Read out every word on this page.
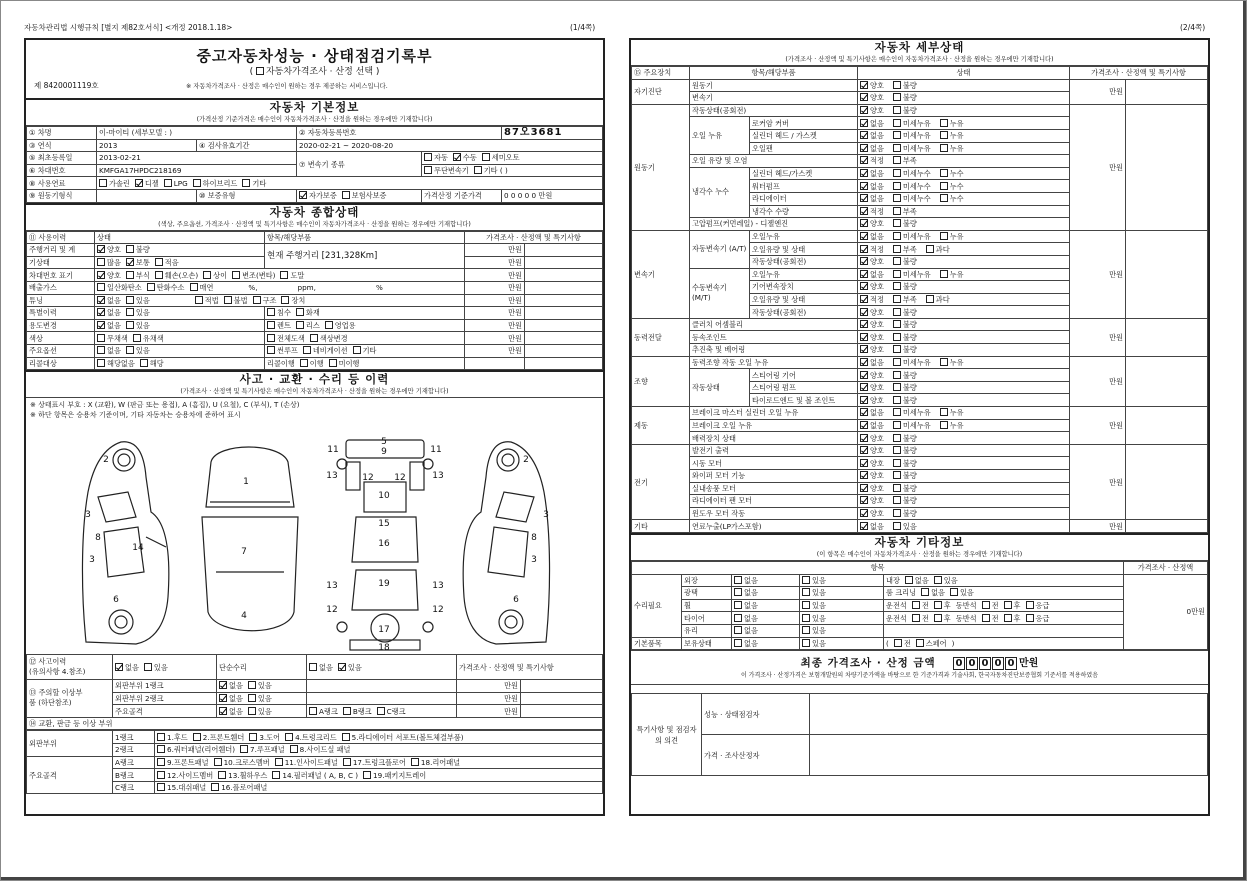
자동차관리법 시행규칙 [별지 제82호서식] <개정 2018.1.18>	(1/4쪽)	(2/4쪽)
중고자동차성능 · 상태점검기록부
( 자동차가격조사 · 산정 선택 )
제 8420001119호	※ 자동차가격조사 · 산정은 매수인이 원하는 경우 제공하는 서비스입니다.
자동차 기본정보
(가격산정 기준가격은 매수인이 자동차가격조사 · 산정을 원하는 경우에만 기재합니다)
① 차명	이-마이티 (세부모델 : )		② 자동차등록번호		87오3681
③ 연식	2013	④ 검사유효기간	2020-02-21 ~ 2020-08-20		
⑤ 최초등록일	2013-02-21		⑦ 변속기 종류	자동 수동 세미오토	
⑥ 차대번호	KMFGA17HPDC218169			무단변속기 기타 ( )	
⑧ 사용연료	가솔린 디젤 LPG 하이브리드 기타				
⑨ 원동기형식		⑩ 보증유형	자가보증 보험사보증	가격산정 기준가격	0 0 0 0 0 만원
자동차 종합상태
(색상, 주요옵션, 가격조사 · 산정액 및 특기사항은 매수인이 자동차가격조사 · 산정을 원하는 경우에만 기재합니다)
⑪ 사용이력	상태	항목/해당부품	가격조사 · 산정액 및 특기사항	
주행거리 및 계	양호 불량	현재 주행거리 [231,328Km]	만원	
기상태	많음 보통 적음		만원	
차대번호 표기	양호 부식 훼손(오손) 상이 변조(변타) 도말		만원	
배출가스	일산화탄소 탄화수소 매연 %, ppm, %		만원	
튜닝	없음 있음 적법 불법 구조 장치		만원	
특별이력	없음 있음	침수 화재	만원	
용도변경	없음 있음	렌트 리스 영업용	만원	
색상	무채색 유채색	전체도색 색상변경	만원	
주요옵션	없음 있음	썬루프 네비게이션 기타	만원	
리콜대상	해당없음 해당	리콜이행 이행 미이행		
사고 · 교환 · 수리 등 이력
(가격조사 · 산정액 및 특기사항은 매수인이 자동차가격조사 · 산정을 원하는 경우에만 기재합니다)
※ 상태표시 부호 : X (교환), W (판금 또는 용접), A (흠집), U (요철), C (부식), T (손상)
※ 하단 항목은 승용차 기준이며, 기타 자동차는 승용차에 준하여 표시
2
3
8
14
3
6
1
7
4
11	11
5
9
13	13
12 12
10
15
16
19
13	13
12	12
17
18
2
3
8
3
6
⑫ 사고이력
(유의사항 4.참조)	없음 있음	단순수리	없음 있음	가격조사 · 산정액 및 특기사항	
⑬ 주의할 이상부
품 (하단참조)	외판부위 1랭크	없음 있음		만원	
	외판부위 2랭크	없음 있음		만원	
	주요골격	없음 있음	A랭크 B랭크 C랭크	만원	
⑭ 교환, 판금 등 이상 부위					
외판부위	1랭크	1.후드 2.프론트휀더 3.도어 4.트렁크리드 5.라디에이터 서포트(볼트체결부품)
	2랭크	6.쿼터패널(리어휀더) 7.루프패널 8.사이드실 패널
주요골격	A랭크	9.프론트패널 10.크로스멤버 11.인사이드패널 17.트렁크플로어 18.리어패널
	B랭크	12.사이드멤버 13.휠하우스 14.필러패널 ( A, B, C ) 19.패키지트레이
	C랭크	15.대쉬패널 16.플로어패널
자동차 세부상태
(가격조사 · 산정액 및 특기사항은 매수인이 자동차가격조사 · 산정을 원하는 경우에만 기재합니다)
⑮ 주요장치	항목/해당부품		상태	가격조사 · 산정액 및 특기사항	
자기진단	원동기		양호 불량	만원	
	변속기		양호 불량		
원동기	작동상태(공회전)		양호 불량	만원	
	오일 누유	로커암 커버	없음 미세누유 누유		
		실린더 헤드 / 가스켓	없음 미세누유 누유		
		오일팬	없음 미세누유 누유		
	오일 유량 및 오염		적정 부족		
	냉각수 누수	실린더 헤드/가스켓	없음 미세누수 누수		
		워터펌프	없음 미세누수 누수		
		라디에이터	없음 미세누수 누수		
		냉각수 수량	적정 부족		
	고압펌프(커먼레일) - 디젤엔진		양호 불량		
변속기	자동변속기 (A/T)	오일누유	없음 미세누유 누유	만원	
		오일유량 및 상태	적정 부족 과다		
		작동상태(공회전)	양호 불량		
	수동변속기 (M/T)	오일누유	없음 미세누유 누유		
		기어변속장치	양호 불량		
		오일유량 및 상태	적정 부족 과다		
		작동상태(공회전)	양호 불량		
동력전달	클러치 어셈블리		양호 불량	만원	
	등속조인트		양호 불량		
	추진축 및 베어링		양호 불량		
조향	동력조향 작동 오일 누유		없음 미세누유 누유	만원	
	작동상태	스티어링 기어	양호 불량		
		스티어링 펌프	양호 불량		
		타이로드엔드 및 볼 조인트	양호 불량		
제동	브레이크 마스터 실린더 오일 누유		없음 미세누유 누유	만원	
	브레이크 오일 누유		없음 미세누유 누유		
	배력장치 상태		양호 불량		
전기	발전기 출력		양호 불량	만원	
	시동 모터		양호 불량		
	와이퍼 모터 기능		양호 불량		
	실내송풍 모터		양호 불량		
	라디에이터 팬 모터		양호 불량		
	윈도우 모터 작동		양호 불량		
기타	연료누출(LP가스포함)		없음 있음	만원	
자동차 기타정보
(이 항목은 매수인이 자동차가격조사 · 산정을 원하는 경우에만 기재합니다)
항목					가격조사 · 산정액
수리필요	외장	없음	있음	내장 없음 있음	0만원
	광택	없음	있음	룸 크리닝 없음 있음	
	휠	없음	있음	운전석 전 후 동반석 전 후 응급	
	타이어	없음	있음	운전석 전 후 동반석 전 후 응급	
	유리	없음	있음		
기본품목	보유상태	없음	있음	( 전 스페어 )	
최종 가격조사 · 산정 금액 0 0 0 0 0 만원
이 가격조사 · 산정가격은 보험개발원의 차량기준가액을 바탕으로 한 기준가격과 기술사회, 한국자동차진단보증협회 기준서를 적용하였음
특기사항 및 점검자의 의견	성능 · 상태점검자	
	가격 · 조사산정자	
